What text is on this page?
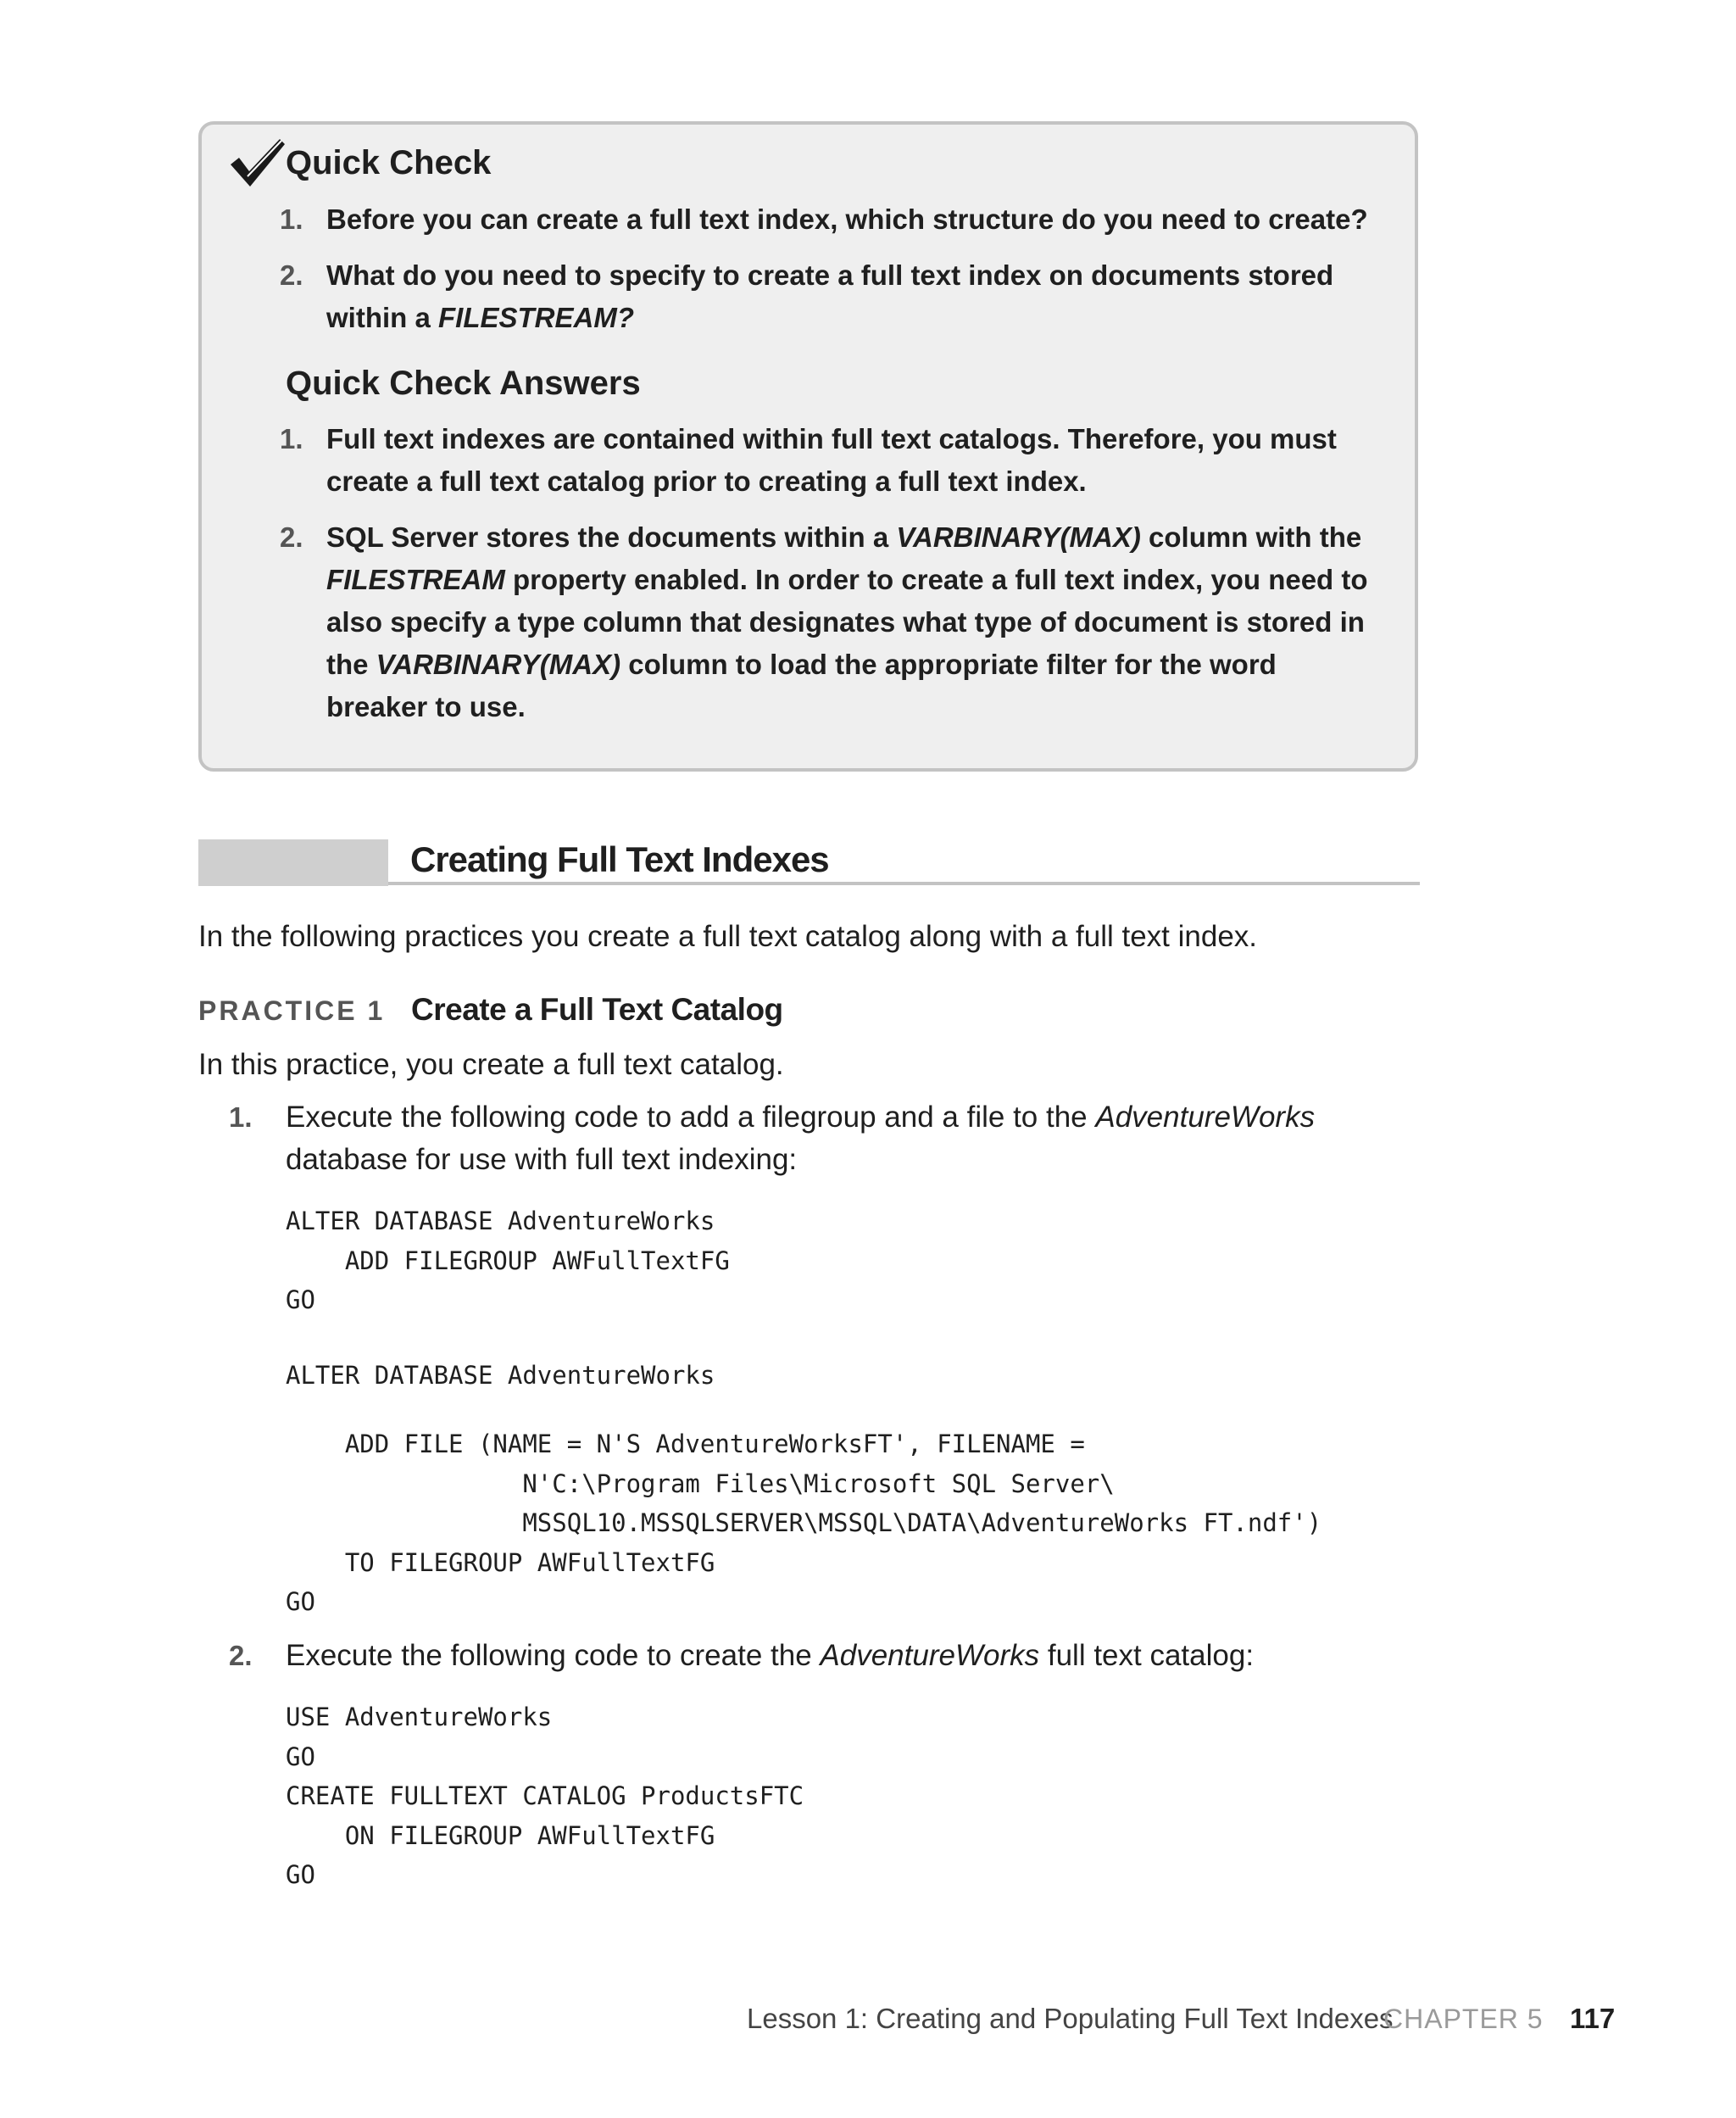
Quick Check
1. Before you can create a full text index, which structure do you need to create?
2. What do you need to specify to create a full text index on documents stored within a FILESTREAM?
Quick Check Answers
1. Full text indexes are contained within full text catalogs. Therefore, you must create a full text catalog prior to creating a full text index.
2. SQL Server stores the documents within a VARBINARY(MAX) column with the FILESTREAM property enabled. In order to create a full text index, you need to also specify a type column that designates what type of document is stored in the VARBINARY(MAX) column to load the appropriate filter for the word breaker to use.
Creating Full Text Indexes
In the following practices you create a full text catalog along with a full text index.
PRACTICE 1 Create a Full Text Catalog
In this practice, you create a full text catalog.
1. Execute the following code to add a filegroup and a file to the AdventureWorks database for use with full text indexing:
ALTER DATABASE AdventureWorks
ADD FILEGROUP AWFullTextFG
GO
ALTER DATABASE AdventureWorks
ADD FILE (NAME = N'S AdventureWorksFT', FILENAME =
N'C:\Program Files\Microsoft SQL Server\
MSSQL10.MSSQLSERVER\MSSQL\DATA\AdventureWorks FT.ndf')
TO FILEGROUP AWFullTextFG
GO
2. Execute the following code to create the AdventureWorks full text catalog:
USE AdventureWorks
GO
CREATE FULLTEXT CATALOG ProductsFTC
ON FILEGROUP AWFullTextFG
GO
Lesson 1: Creating and Populating Full Text Indexes
CHAPTER 5 117
